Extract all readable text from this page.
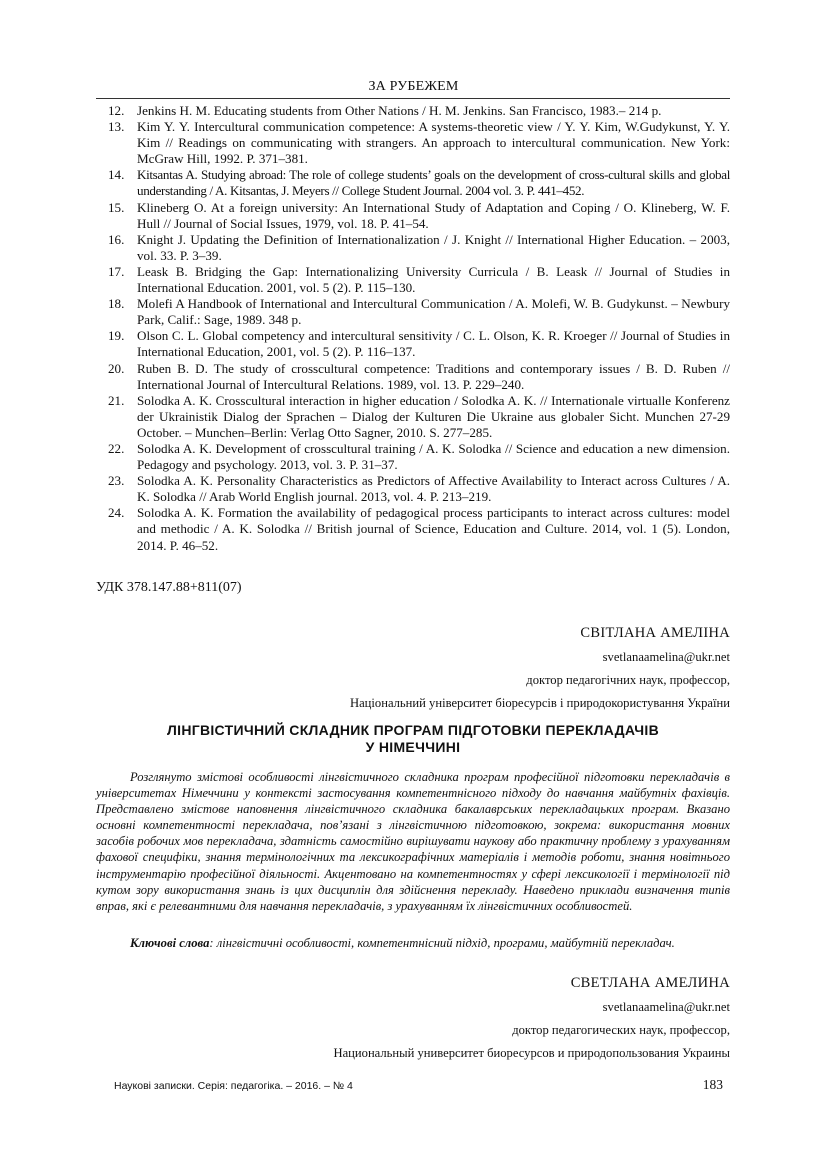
ЗА РУБЕЖЕМ
12. Jenkins H. M. Educating students from Other Nations / H. M. Jenkins. San Francisco, 1983.– 214 p.
13. Kim Y. Y. Intercultural communication competence: A systems-theoretic view / Y. Y. Kim, W.Gudykunst, Y. Y. Kim // Readings on communicating with strangers. An approach to intercultural communication. New York: McGraw Hill, 1992. P. 371–381.
14. Kitsantas A. Studying abroad: The role of college students’ goals on the development of cross-cultural skills and global understanding / A. Kitsantas, J. Meyers // College Student Journal. 2004 vol. 3. P. 441–452.
15. Klineberg O. At a foreign university: An International Study of Adaptation and Coping / O. Klineberg, W. F. Hull // Journal of Social Issues, 1979, vol. 18. P. 41–54.
16. Knight J. Updating the Definition of Internationalization / J. Knight // International Higher Education. – 2003, vol. 33. P. 3–39.
17. Leask B. Bridging the Gap: Internationalizing University Curricula / B. Leask // Journal of Studies in International Education. 2001, vol. 5 (2). P. 115–130.
18. Molefi A Handbook of International and Intercultural Communication / A. Molefi, W. B. Gudykunst. – Newbury Park, Calif.: Sage, 1989. 348 p.
19. Olson C. L. Global competency and intercultural sensitivity / C. L. Olson, K. R. Kroeger // Journal of Studies in International Education, 2001, vol. 5 (2). P. 116–137.
20. Ruben B. D. The study of crosscultural competence: Traditions and contemporary issues / B. D. Ruben // International Journal of Intercultural Relations. 1989, vol. 13. P. 229–240.
21. Solodka A. K. Crosscultural interaction in higher education / Solodka A. K. // Internationale virtualle Konferenz der Ukrainistik Dialog der Sprachen – Dialog der Kulturen Die Ukraine aus globaler Sicht. Munchen 27-29 October. – Munchen–Berlin: Verlag Otto Sagner, 2010. S. 277–285.
22. Solodka A. K. Development of crosscultural training / A. K. Solodka // Science and education a new dimension. Pedagogy and psychology. 2013, vol. 3. P. 31–37.
23. Solodka A. K. Personality Characteristics as Predictors of Affective Availability to Interact across Cultures / A. K. Solodka // Arab World English journal. 2013, vol. 4. P. 213–219.
24. Solodka A. K. Formation the availability of pedagogical process participants to interact across cultures: model and methodic / A. K. Solodka // British journal of Science, Education and Culture. 2014, vol. 1 (5). London, 2014. P. 46–52.
УДК 378.147.88+811(07)
СВІТЛАНА АМЕЛІНА
svetlanaamelina@ukr.net
доктор педагогічних наук, профессор,
Національний університет біоресурсів і природокористування України
ЛІНГВІСТИЧНИЙ СКЛАДНИК ПРОГРАМ ПІДГОТОВКИ ПЕРЕКЛАДАЧІВ
У НІМЕЧЧИНІ

Розглянуто змістові особливості лінгвістичного складника програм професійної підготовки перекладачів в університетах Німеччини у контексті застосування компетентнісного підходу до навчання майбутніх фахівців. Представлено змістове наповнення лінгвістичного складника бакалаврських перекладацьких програм. Вказано основні компетентності перекладача, пов’язані з лінгвістичною підготовкою, зокрема: використання мовних засобів робочих мов перекладача, здатність самостійно вирішувати наукову або практичну проблему з урахуванням фахової специфіки, знання термінологічних та лексикографічних матеріалів і методів роботи, знання новітнього інструментарію професійної діяльності. Акцентовано на компетентностях у сфері лексикології і термінології під кутом зору використання знань із цих дисциплін для здійснення перекладу. Наведено приклади визначення типів вправ, які є релевантними для навчання перекладачів, з урахуванням їх лінгвістичних особливостей.

Ключові слова: лінгвістичні особливості, компетентнісний підхід, програми, майбутній перекладач.

СВЕТЛАНА АМЕЛИНА
svetlanaamelina@ukr.net
доктор педагогических наук, профессор,
Национальный университет биоресурсов и природопользования Украины
Наукові записки. Серія: педагогіка. – 2016. – № 4	183
